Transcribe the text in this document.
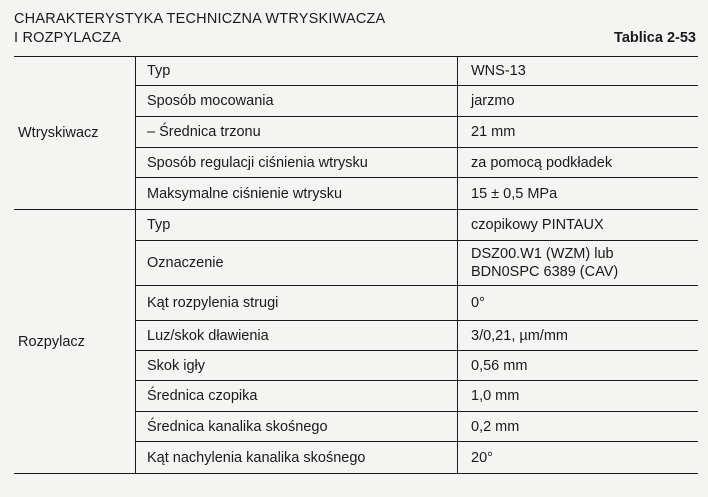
CHARAKTERYSTYKA TECHNICZNA WTRYSKIWACZA
I ROZPYLACZA	Tablica 2-53
Wtryskiwacz	Typ	WNS-13
	Sposób mocowania	jarzmo
	– Średnica trzonu	21 mm
	Sposób regulacji ciśnienia wtrysku	za pomocą podkładek
	Maksymalne ciśnienie wtrysku	15 ± 0,5 MPa
Rozpylacz	Typ	czopikowy PINTAUX
	Oznaczenie	DSZ00.W1 (WZM) lub
BDN0SPC 6389 (CAV)

	Kąt rozpylenia strugi	0°
	Luz/skok dławienia	3/0,21, µm/mm
	Skok igły	0,56 mm
	Średnica czopika	1,0 mm
	Średnica kanalika skośnego	0,2 mm
	Kąt nachylenia kanalika skośnego	20°
